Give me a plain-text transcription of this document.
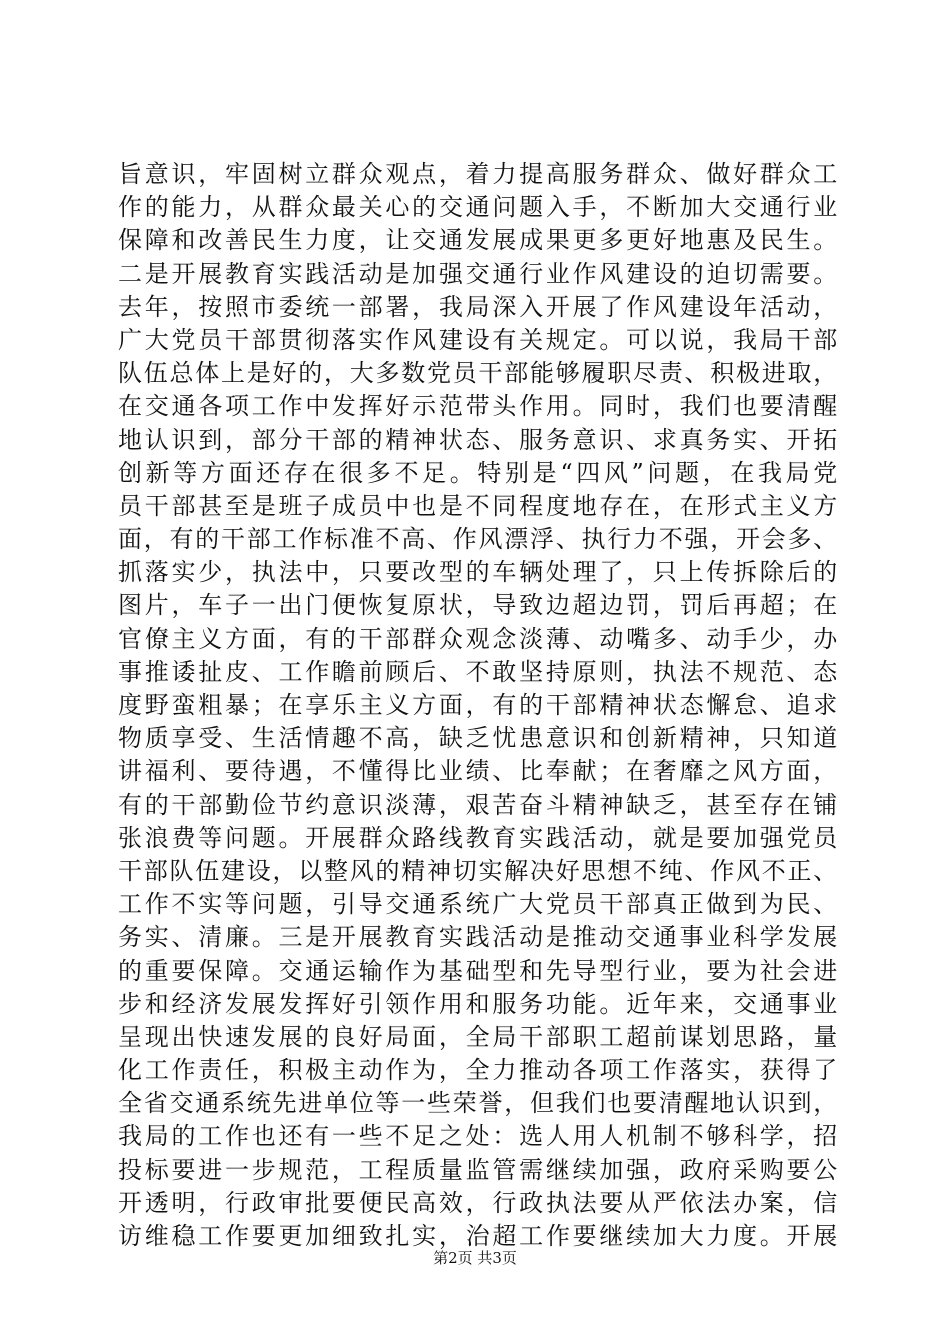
旨意识，牢固树立群众观点，着力提高服务群众、做好群众工
作的能力，从群众最关心的交通问题入手，不断加大交通行业
保障和改善民生力度，让交通发展成果更多更好地惠及民生。
二是开展教育实践活动是加强交通行业作风建设的迫切需要。
去年，按照市委统一部署，我局深入开展了作风建设年活动，
广大党员干部贯彻落实作风建设有关规定。可以说，我局干部
队伍总体上是好的，大多数党员干部能够履职尽责、积极进取，
在交通各项工作中发挥好示范带头作用。同时，我们也要清醒
地认识到，部分干部的精神状态、服务意识、求真务实、开拓
创新等方面还存在很多不足。特别是“四风”问题，在我局党
员干部甚至是班子成员中也是不同程度地存在，在形式主义方
面，有的干部工作标准不高、作风漂浮、执行力不强，开会多、
抓落实少，执法中，只要改型的车辆处理了，只上传拆除后的
图片，车子一出门便恢复原状，导致边超边罚，罚后再超；在
官僚主义方面，有的干部群众观念淡薄、动嘴多、动手少，办
事推诿扯皮、工作瞻前顾后、不敢坚持原则，执法不规范、态
度野蛮粗暴；在享乐主义方面，有的干部精神状态懈怠、追求
物质享受、生活情趣不高，缺乏忧患意识和创新精神，只知道
讲福利、要待遇，不懂得比业绩、比奉献；在奢靡之风方面，
有的干部勤俭节约意识淡薄，艰苦奋斗精神缺乏，甚至存在铺
张浪费等问题。开展群众路线教育实践活动，就是要加强党员
干部队伍建设，以整风的精神切实解决好思想不纯、作风不正、
工作不实等问题，引导交通系统广大党员干部真正做到为民、
务实、清廉。三是开展教育实践活动是推动交通事业科学发展
的重要保障。交通运输作为基础型和先导型行业，要为社会进
步和经济发展发挥好引领作用和服务功能。近年来，交通事业
呈现出快速发展的良好局面，全局干部职工超前谋划思路，量
化工作责任，积极主动作为，全力推动各项工作落实，获得了
全省交通系统先进单位等一些荣誉，但我们也要清醒地认识到，
我局的工作也还有一些不足之处：选人用人机制不够科学，招
投标要进一步规范，工程质量监管需继续加强，政府采购要公
开透明，行政审批要便民高效，行政执法要从严依法办案，信
访维稳工作要更加细致扎实，治超工作要继续加大力度。开展
第2页 共3页
